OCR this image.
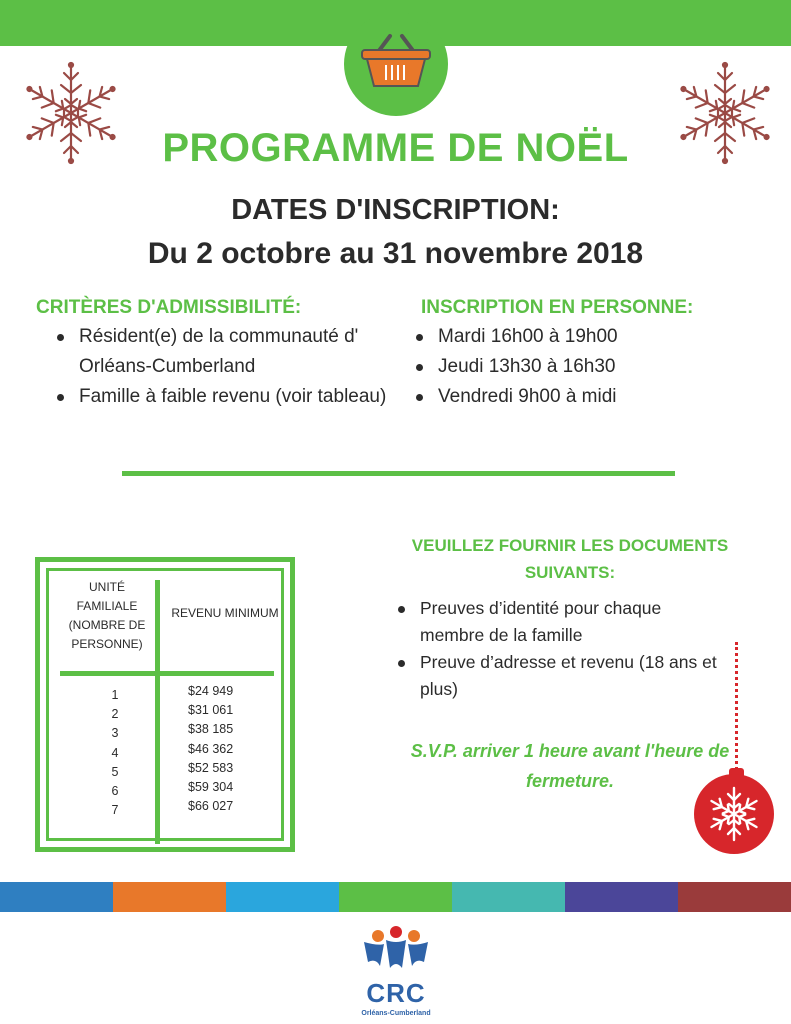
PROGRAMME DE NOËL
DATES D'INSCRIPTION:
Du 2 octobre au 31 novembre 2018
CRITÈRES D'ADMISSIBILITÉ:
Résident(e) de la communauté d' Orléans-Cumberland
Famille à faible revenu (voir tableau)
INSCRIPTION EN PERSONNE:
Mardi 16h00 à 19h00
Jeudi 13h30 à 16h30
Vendredi 9h00 à midi
UNITÉ FAMILIALE (NOMBRE DE PERSONNE)
REVENU MINIMUM
1
2
3
4
5
6
7
$24 949
$31 061
$38 185
$46 362
$52 583
$59 304
$66 027
VEUILLEZ FOURNIR LES DOCUMENTS SUIVANTS:
Preuves d’identité pour chaque membre de la famille
Preuve d’adresse et revenu (18 ans et plus)
S.V.P. arriver 1 heure avant l'heure de fermeture.
CRC
Orléans-Cumberland
